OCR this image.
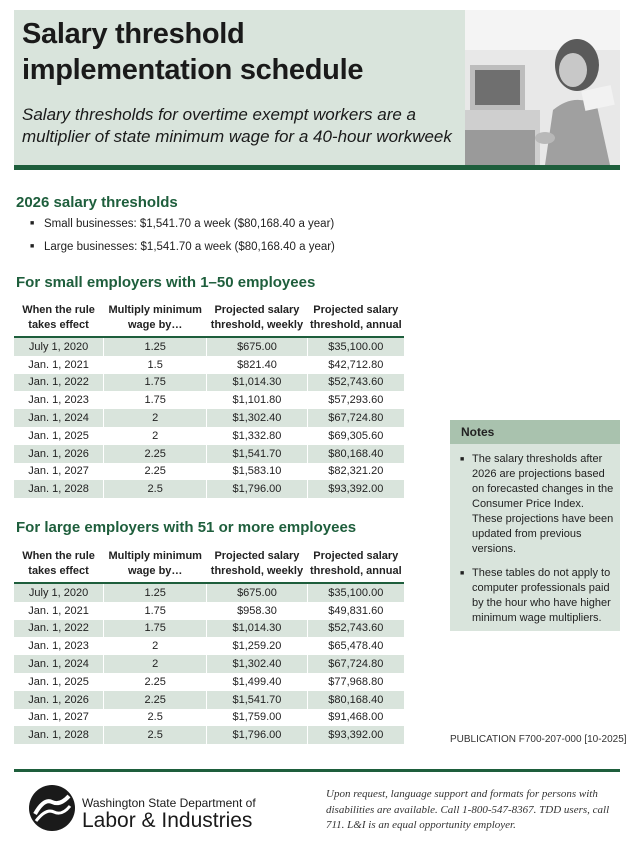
Salary threshold implementation schedule
Salary thresholds for overtime exempt workers are a multiplier of state minimum wage for a 40-hour workweek
2026 salary thresholds
■ Small businesses: $1,541.70 a week ($80,168.40 a year)
■ Large businesses: $1,541.70 a week ($80,168.40 a year)
For small employers with 1–50 employees
When the rule takes effect	Multiply minimum wage by…	Projected salary threshold, weekly	Projected salary threshold, annual
July 1, 2020	1.25	$675.00	$35,100.00
Jan. 1, 2021	1.5	$821.40	$42,712.80
Jan. 1, 2022	1.75	$1,014.30	$52,743.60
Jan. 1, 2023	1.75	$1,101.80	$57,293.60
Jan. 1, 2024	2	$1,302.40	$67,724.80
Jan. 1, 2025	2	$1,332.80	$69,305.60
Jan. 1, 2026	2.25	$1,541.70	$80,168.40
Jan. 1, 2027	2.25	$1,583.10	$82,321.20
Jan. 1, 2028	2.5	$1,796.00	$93,392.00
For large employers with 51 or more employees
When the rule takes effect	Multiply minimum wage by…	Projected salary threshold, weekly	Projected salary threshold, annual
July 1, 2020	1.25	$675.00	$35,100.00
Jan. 1, 2021	1.75	$958.30	$49,831.60
Jan. 1, 2022	1.75	$1,014.30	$52,743.60
Jan. 1, 2023	2	$1,259.20	$65,478.40
Jan. 1, 2024	2	$1,302.40	$67,724.80
Jan. 1, 2025	2.25	$1,499.40	$77,968.80
Jan. 1, 2026	2.25	$1,541.70	$80,168.40
Jan. 1, 2027	2.5	$1,759.00	$91,468.00
Jan. 1, 2028	2.5	$1,796.00	$93,392.00
Notes
■ The salary thresholds after 2026 are projections based on forecasted changes in the Consumer Price Index. These projections have been updated from previous versions.
■ These tables do not apply to computer professionals paid by the hour who have higher minimum wage multipliers.
PUBLICATION F700-207-000 [10-2025]
Washington State Department of
Labor & Industries
Upon request, language support and formats for persons with disabilities are available. Call 1-800-547-8367. TDD users, call 711. L&I is an equal opportunity employer.
